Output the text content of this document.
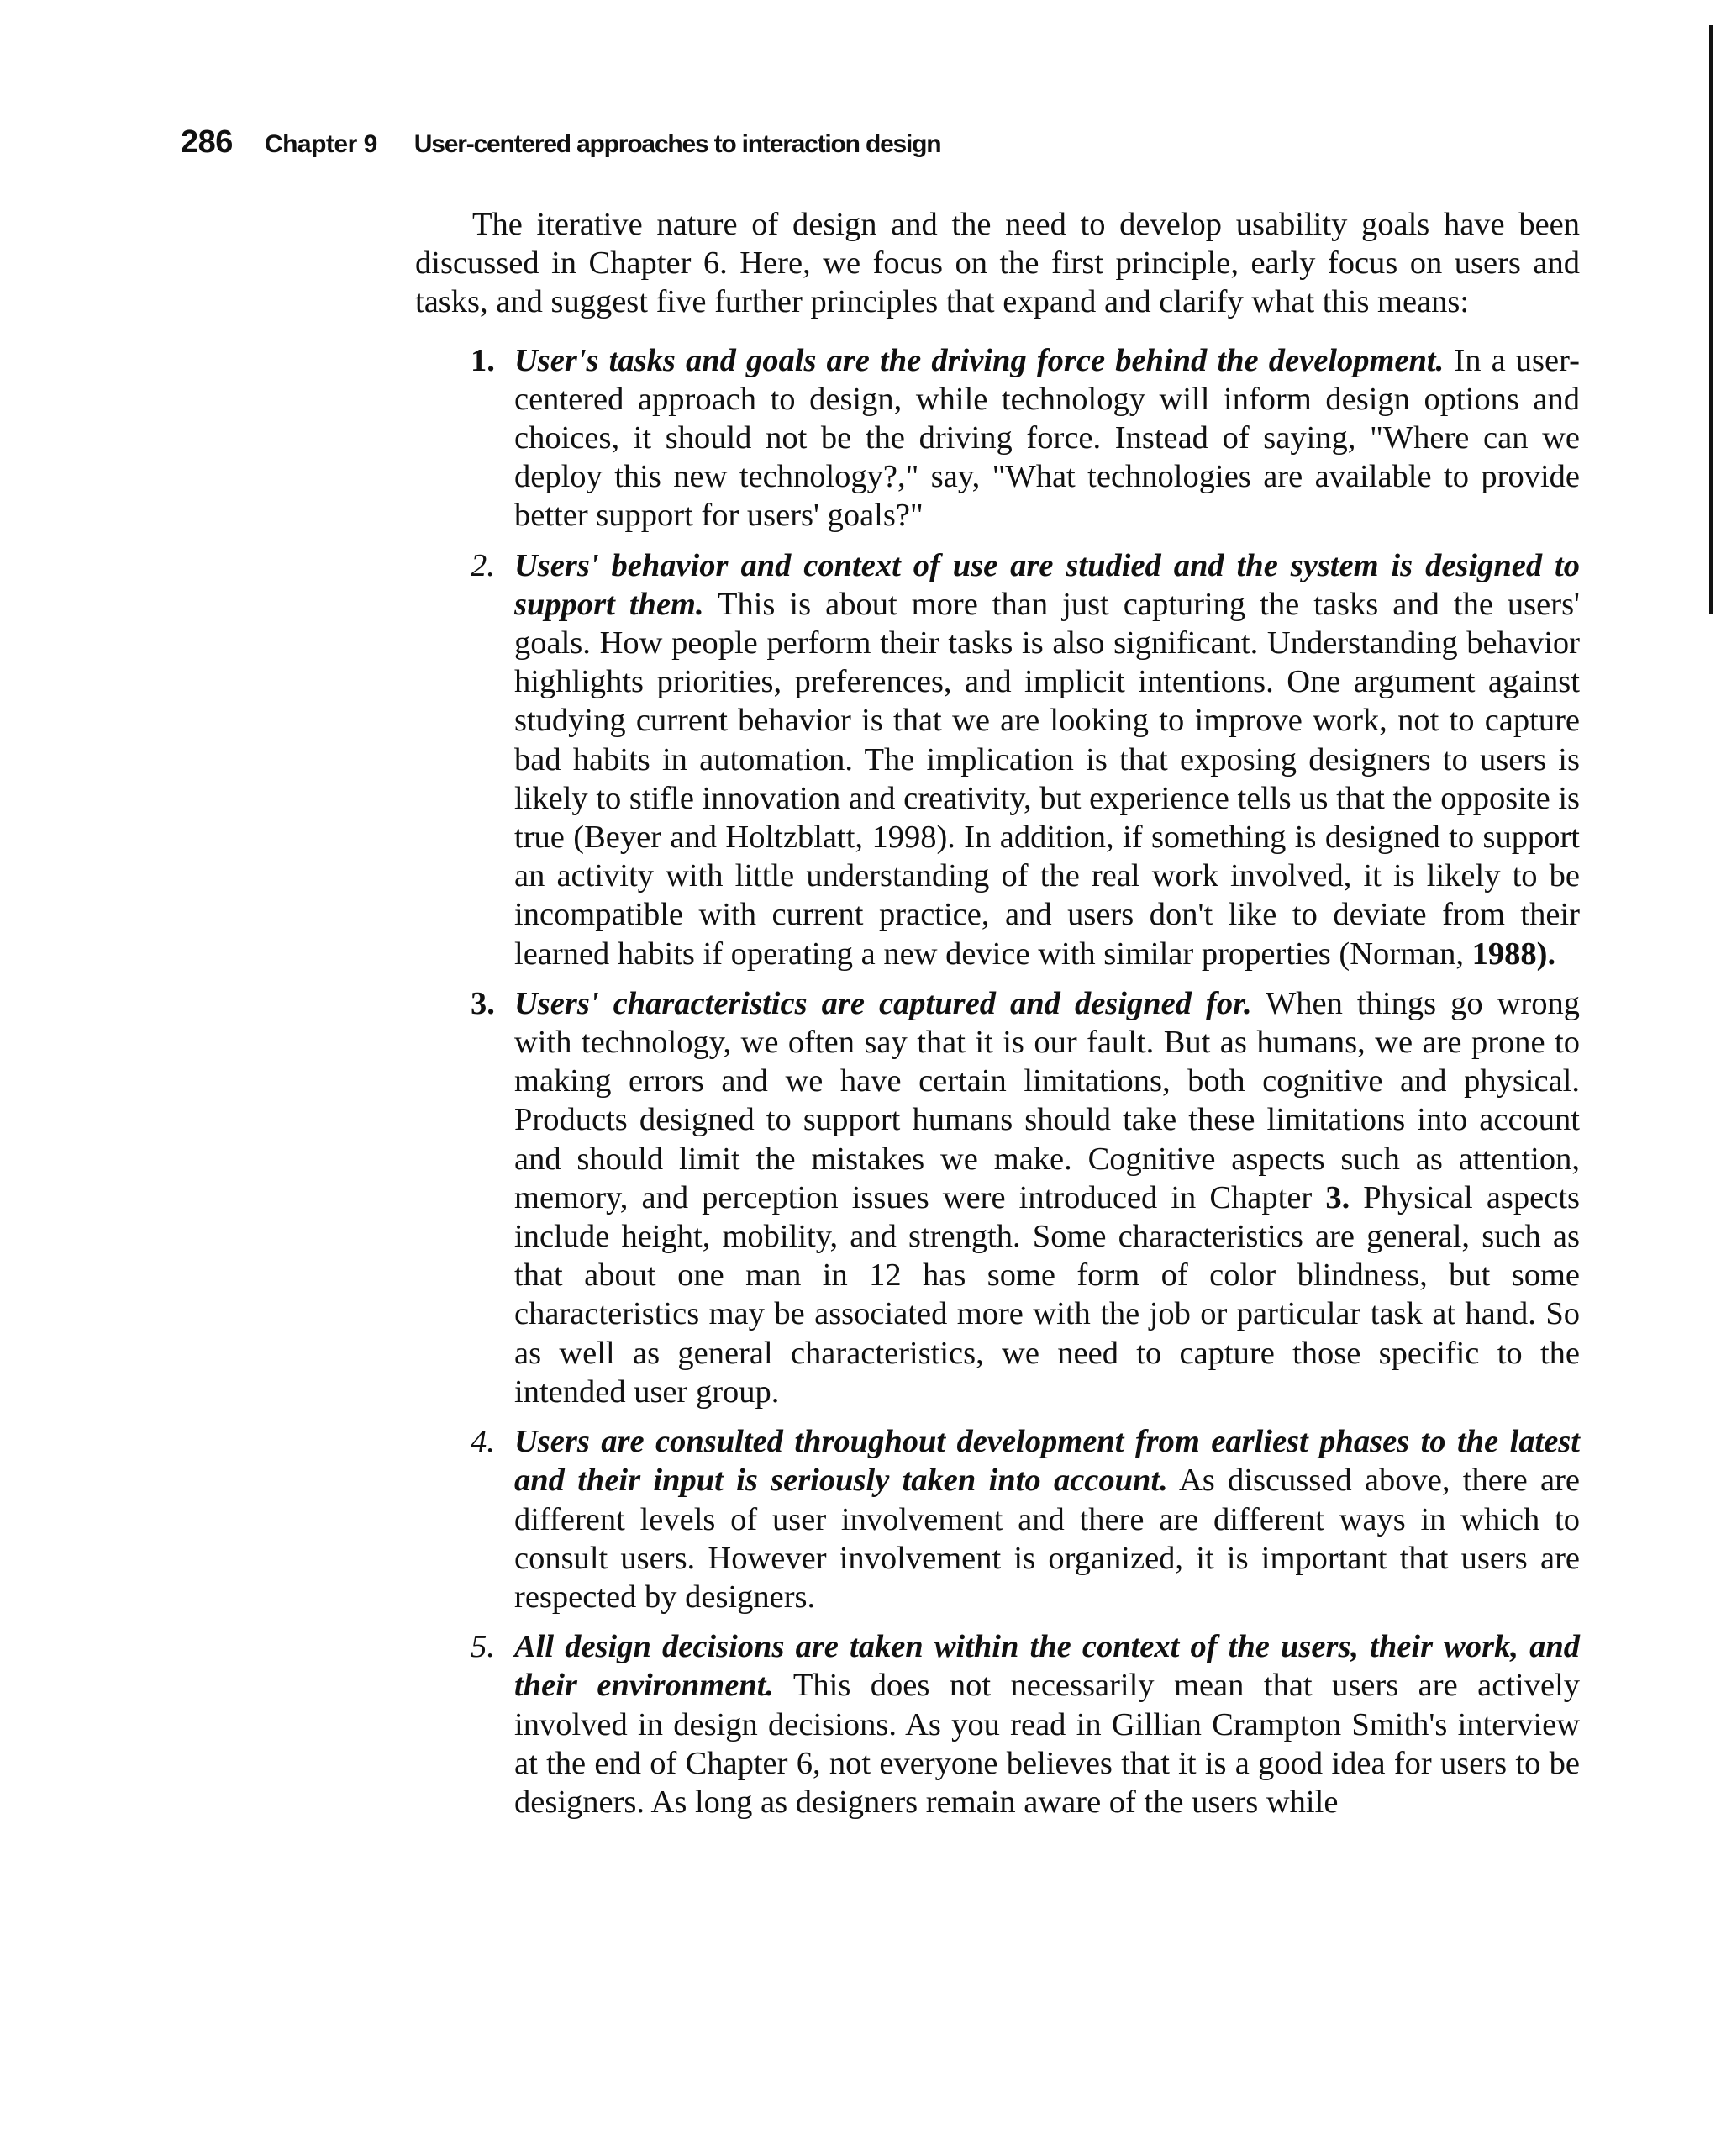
286 Chapter 9 User-centered approaches to interaction design

The iterative nature of design and the need to develop usability goals have been discussed in Chapter 6. Here, we focus on the first principle, early focus on users and tasks, and suggest five further principles that expand and clarify what this means:

1. User's tasks and goals are the driving force behind the development. In a user-centered approach to design, while technology will inform design options and choices, it should not be the driving force. Instead of saying, "Where can we deploy this new technology?," say, "What technologies are available to provide better support for users' goals?"
2. Users' behavior and context of use are studied and the system is designed to support them. This is about more than just capturing the tasks and the users' goals. How people perform their tasks is also significant. Understanding behavior highlights priorities, preferences, and implicit intentions. One argument against studying current behavior is that we are looking to improve work, not to capture bad habits in automation. The implication is that exposing designers to users is likely to stifle innovation and creativity, but experience tells us that the opposite is true (Beyer and Holtzblatt, 1998). In addition, if something is designed to support an activity with little understanding of the real work involved, it is likely to be incompatible with current practice, and users don't like to deviate from their learned habits if operating a new device with similar properties (Norman, 1988).
3. Users' characteristics are captured and designed for. When things go wrong with technology, we often say that it is our fault. But as humans, we are prone to making errors and we have certain limitations, both cognitive and physical. Products designed to support humans should take these limitations into account and should limit the mistakes we make. Cognitive aspects such as attention, memory, and perception issues were introduced in Chapter 3. Physical aspects include height, mobility, and strength. Some characteristics are general, such as that about one man in 12 has some form of color blindness, but some characteristics may be associated more with the job or particular task at hand. So as well as general characteristics, we need to capture those specific to the intended user group.
4. Users are consulted throughout development from earliest phases to the latest and their input is seriously taken into account. As discussed above, there are different levels of user involvement and there are different ways in which to consult users. However involvement is organized, it is important that users are respected by designers.
5. All design decisions are taken within the context of the users, their work, and their environment. This does not necessarily mean that users are actively involved in design decisions. As you read in Gillian Crampton Smith's interview at the end of Chapter 6, not everyone believes that it is a good idea for users to be designers. As long as designers remain aware of the users while
